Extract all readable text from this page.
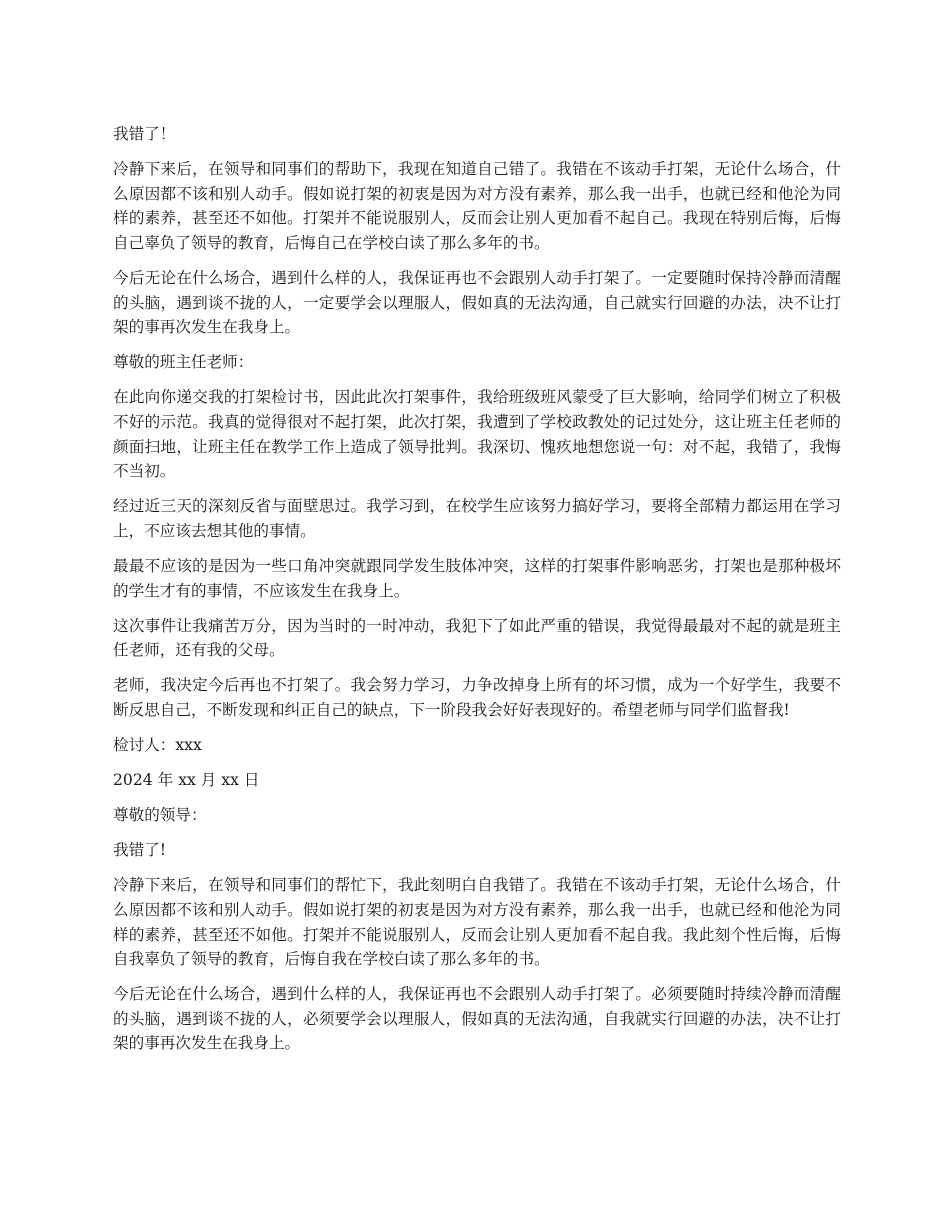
我错了！

冷静下来后，在领导和同事们的帮助下，我现在知道自己错了。我错在不该动手打架，无论什么场合，什么原因都不该和别人动手。假如说打架的初衷是因为对方没有素养，那么我一出手，也就已经和他沦为同样的素养，甚至还不如他。打架并不能说服别人，反而会让别人更加看不起自己。我现在特别后悔，后悔自己辜负了领导的教育，后悔自己在学校白读了那么多年的书。

今后无论在什么场合，遇到什么样的人，我保证再也不会跟别人动手打架了。一定要随时保持冷静而清醒的头脑，遇到谈不拢的人，一定要学会以理服人，假如真的无法沟通，自己就实行回避的办法，决不让打架的事再次发生在我身上。

尊敬的班主任老师：

在此向你递交我的打架检讨书，因此此次打架事件，我给班级班风蒙受了巨大影响，给同学们树立了积极不好的示范。我真的觉得很对不起打架，此次打架，我遭到了学校政教处的记过处分，这让班主任老师的颜面扫地，让班主任在教学工作上造成了领导批判。我深切、愧疚地想您说一句：对不起，我错了，我悔不当初。

经过近三天的深刻反省与面壁思过。我学习到，在校学生应该努力搞好学习，要将全部精力都运用在学习上，不应该去想其他的事情。

最最不应该的是因为一些口角冲突就跟同学发生肢体冲突，这样的打架事件影响恶劣，打架也是那种极坏的学生才有的事情，不应该发生在我身上。

这次事件让我痛苦万分，因为当时的一时冲动，我犯下了如此严重的错误，我觉得最最对不起的就是班主任老师，还有我的父母。

老师，我决定今后再也不打架了。我会努力学习，力争改掉身上所有的坏习惯，成为一个好学生，我要不断反思自己，不断发现和纠正自己的缺点，下一阶段我会好好表现好的。希望老师与同学们监督我!

检讨人：xxx

2024 年 xx 月 xx 日

尊敬的领导：

我错了!

冷静下来后，在领导和同事们的帮忙下，我此刻明白自我错了。我错在不该动手打架，无论什么场合，什么原因都不该和别人动手。假如说打架的初衷是因为对方没有素养，那么我一出手，也就已经和他沦为同样的素养，甚至还不如他。打架并不能说服别人，反而会让别人更加看不起自我。我此刻个性后悔，后悔自我辜负了领导的教育，后悔自我在学校白读了那么多年的书。

今后无论在什么场合，遇到什么样的人，我保证再也不会跟别人动手打架了。必须要随时持续冷静而清醒的头脑，遇到谈不拢的人，必须要学会以理服人，假如真的无法沟通，自我就实行回避的办法，决不让打架的事再次发生在我身上。
